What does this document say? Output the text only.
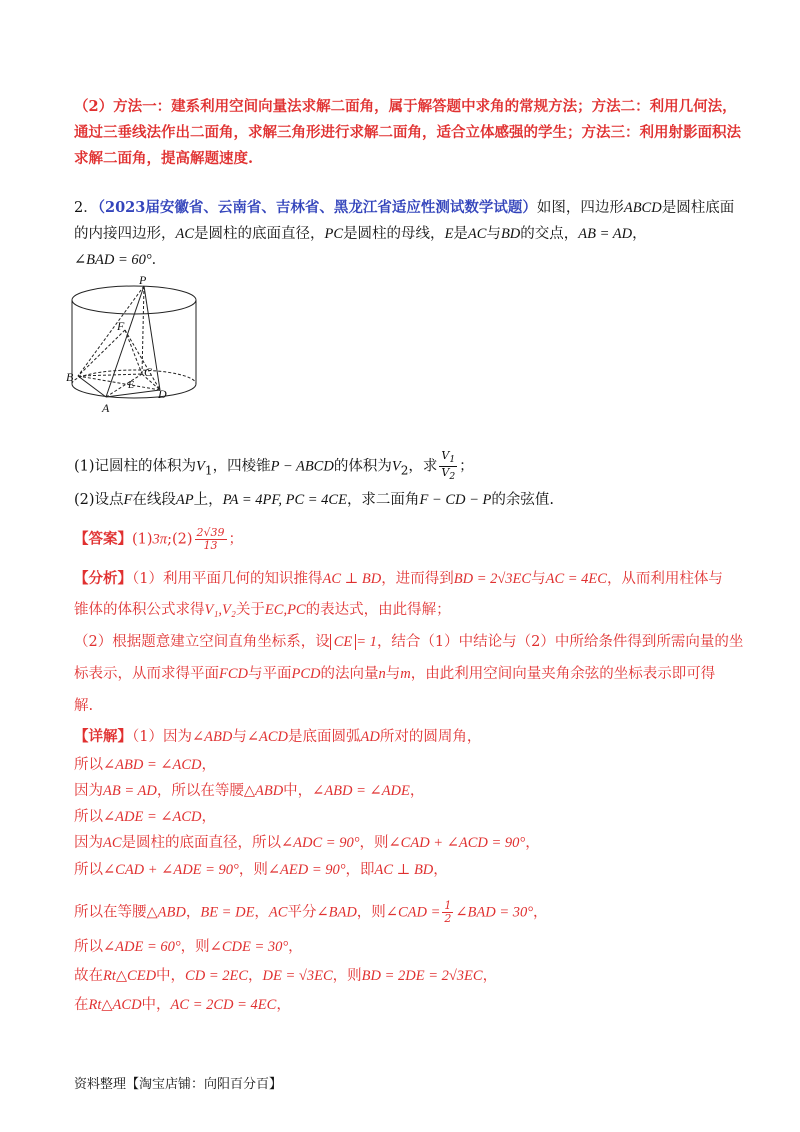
（2）方法一：建系利用空间向量法求解二面角，属于解答题中求角的常规方法；方法二：利用几何法，
通过三垂线法作出二面角，求解三角形进行求解二面角，适合立体感强的学生；方法三：利用射影面积法
求解二面角，提高解题速度.
2．（2023届安徽省、云南省、吉林省、黑龙江省适应性测试数学试题）如图，四边形ABCD是圆柱底面
的内接四边形，AC是圆柱的底面直径，PC是圆柱的母线，E是AC与BD的交点，AB = AD，
∠BAD = 60°．
P
F
B	C
E
D
A
(1)记圆柱的体积为$V_1$，四棱锥P − ABCD的体积为$V_2$，求 $\frac{V_1}{V_2}$ ；
(2)设点F在线段AP上，PA = 4PF, PC = 4CE，求二面角F − CD − P的余弦值.
【答案】(1)3π;(2) $\frac{2√39}{13}$ ；
【分析】（1）利用平面几何的知识推得AC ⊥ BD，进而得到BD = 2√3EC与AC = 4EC，从而利用柱体与
锥体的体积公式求得V₁,V₂关于EC,PC的表达式，由此得解；
（2）根据题意建立空间直角坐标系，设 CE = 1，结合（1）中结论与（2）中所给条件得到所需向量的坐
标表示，从而求得平面FCD与平面PCD的法向量n与m，由此利用空间向量夹角余弦的坐标表示即可得
解.
【详解】（1）因为∠ABD与∠ACD是底面圆弧AD所对的圆周角，
所以∠ABD = ∠ACD，
因为AB = AD，所以在等腰△ABD中，∠ABD = ∠ADE，
所以∠ADE = ∠ACD，
因为AC是圆柱的底面直径，所以∠ADC = 90°，则∠CAD + ∠ACD = 90°，
所以∠CAD + ∠ADE = 90°，则∠AED = 90°，即AC ⊥ BD，
所以在等腰△ABD，BE = DE，AC平分∠BAD，则∠CAD = $\frac{1}{2}$ ∠BAD = 30°，
所以∠ADE = 60°，则∠CDE = 30°，
故在Rt△CED中，CD = 2EC，DE = √3EC，则BD = 2DE = 2√3EC，
在Rt△ACD中，AC = 2CD = 4EC，
资料整理【淘宝店铺：向阳百分百】
